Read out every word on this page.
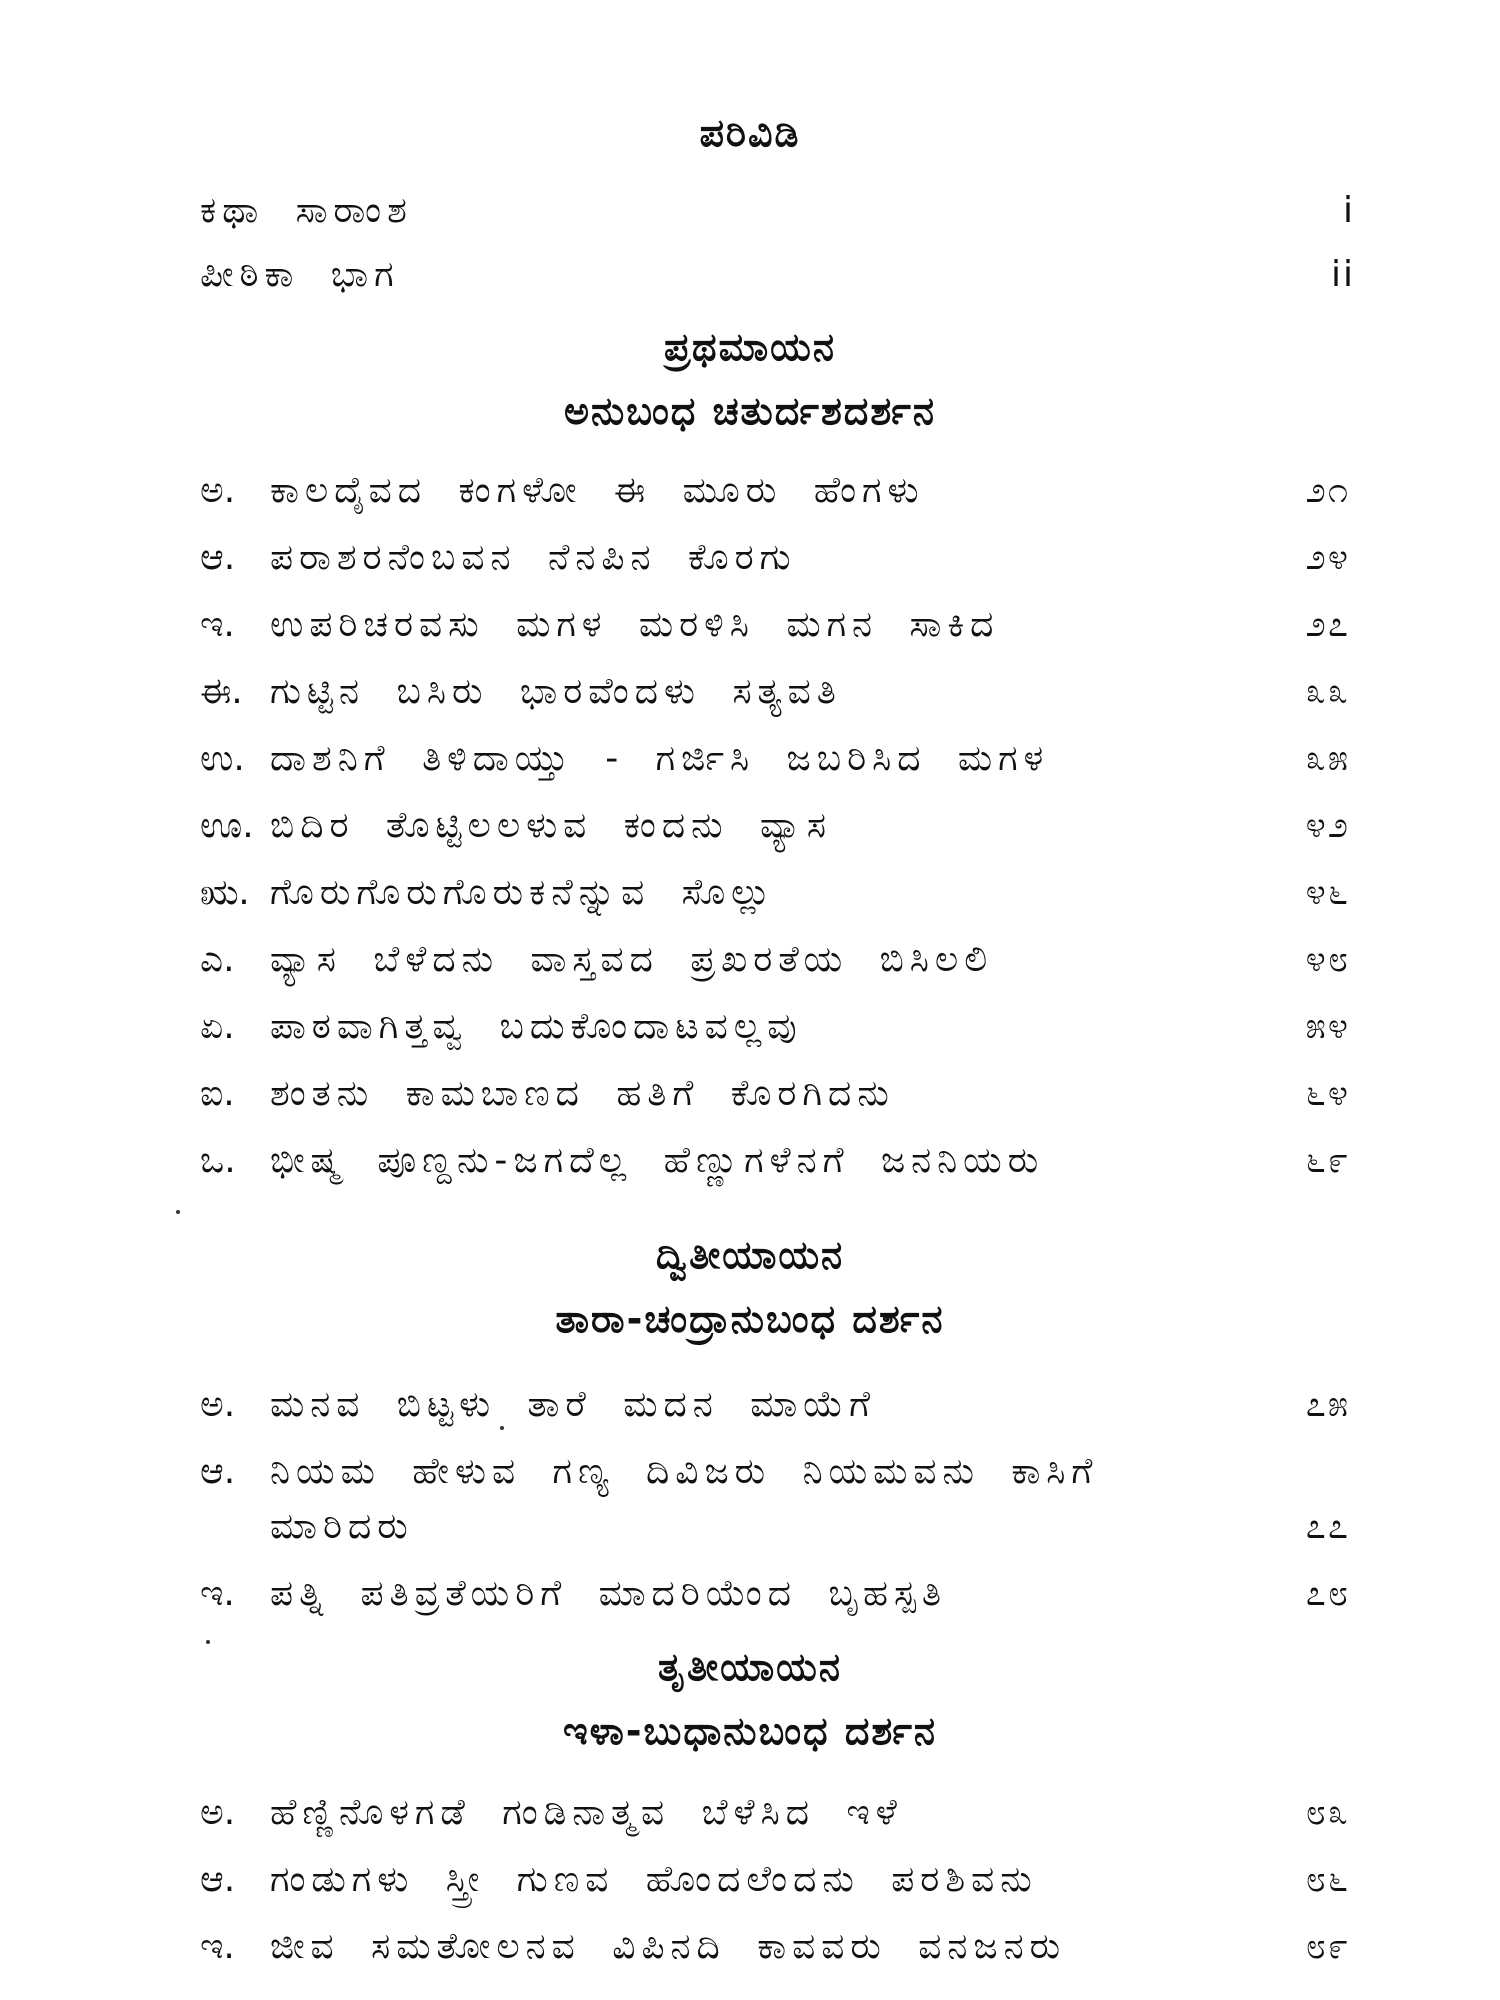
ಪರಿವಿಡಿ
ಕಥಾ ಸಾರಾಂಶ	i
ಪೀಠಿಕಾ ಭಾಗ	ii
ಪ್ರಥಮಾಯನ
ಅನುಬಂಧ ಚತುರ್ದಶದರ್ಶನ
ಅ. ಕಾಲದೈವದ ಕಂಗಳೋ ಈ ಮೂರು ಹೆಂಗಳು	೨೧
ಆ. ಪರಾಶರನೆಂಬವನ ನೆನಪಿನ ಕೊರಗು	೨೪
ಇ. ಉಪರಿಚರವಸು ಮಗಳ ಮರಳಿಸಿ ಮಗನ ಸಾಕಿದ	೨೭
ಈ. ಗುಟ್ಟಿನ ಬಸಿರು ಭಾರವೆಂದಳು ಸತ್ಯವತಿ	೩೩
ಉ. ದಾಶನಿಗೆ ತಿಳಿದಾಯ್ತು - ಗರ್ಜಿಸಿ ಜಬರಿಸಿದ ಮಗಳ	೩೫
ಊ. ಬಿದಿರ ತೊಟ್ಟಿಲಲಳುವ ಕಂದನು ವ್ಯಾಸ	೪೨
ಋ. ಗೊರುಗೊರುಗೊರುಕನೆನ್ನುವ ಸೊಲ್ಲು	೪೬
ಎ. ವ್ಯಾಸ ಬೆಳೆದನು ವಾಸ್ತವದ ಪ್ರಖರತೆಯ ಬಿಸಿಲಲಿ	೪೮
ಏ. ಪಾಠವಾಗಿತ್ತವ್ವ ಬದುಕೊಂದಾಟವಲ್ಲವು	೫೪
ಐ. ಶಂತನು ಕಾಮಬಾಣದ ಹತಿಗೆ ಕೊರಗಿದನು	೬೪
ಒ. ಭೀಷ್ಮ ಪೂಣ್ದನು-ಜಗದೆಲ್ಲ ಹೆಣ್ಣುಗಳೆನಗೆ ಜನನಿಯರು	೬೯
ದ್ವಿತೀಯಾಯನ
ತಾರಾ-ಚಂದ್ರಾನುಬಂಧ ದರ್ಶನ
ಅ. ಮನವ ಬಿಟ್ಟಳು ತಾರೆ ಮದನ ಮಾಯೆಗೆ	೭೫
ಆ. ನಿಯಮ ಹೇಳುವ ಗಣ್ಯ ದಿವಿಜರು ನಿಯಮವನು ಕಾಸಿಗೆ
ಮಾರಿದರು	೭೭
ಇ. ಪತ್ನಿ ಪತಿವ್ರತೆಯರಿಗೆ ಮಾದರಿಯೆಂದ ಬೃಹಸ್ಪತಿ	೭೮
ತೃತೀಯಾಯನ
ಇಳಾ-ಬುಧಾನುಬಂಧ ದರ್ಶನ
ಅ. ಹೆಣ್ಣಿನೊಳಗಡೆ ಗಂಡಿನಾತ್ಮವ ಬೆಳೆಸಿದ ಇಳೆ	೮೩
ಆ. ಗಂಡುಗಳು ಸ್ತ್ರೀ ಗುಣವ ಹೊಂದಲೆಂದನು ಪರಶಿವನು	೮೬
ಇ. ಜೀವ ಸಮತೋಲನವ ವಿಪಿನದಿ ಕಾವವರು ವನಜನರು	೮೯
